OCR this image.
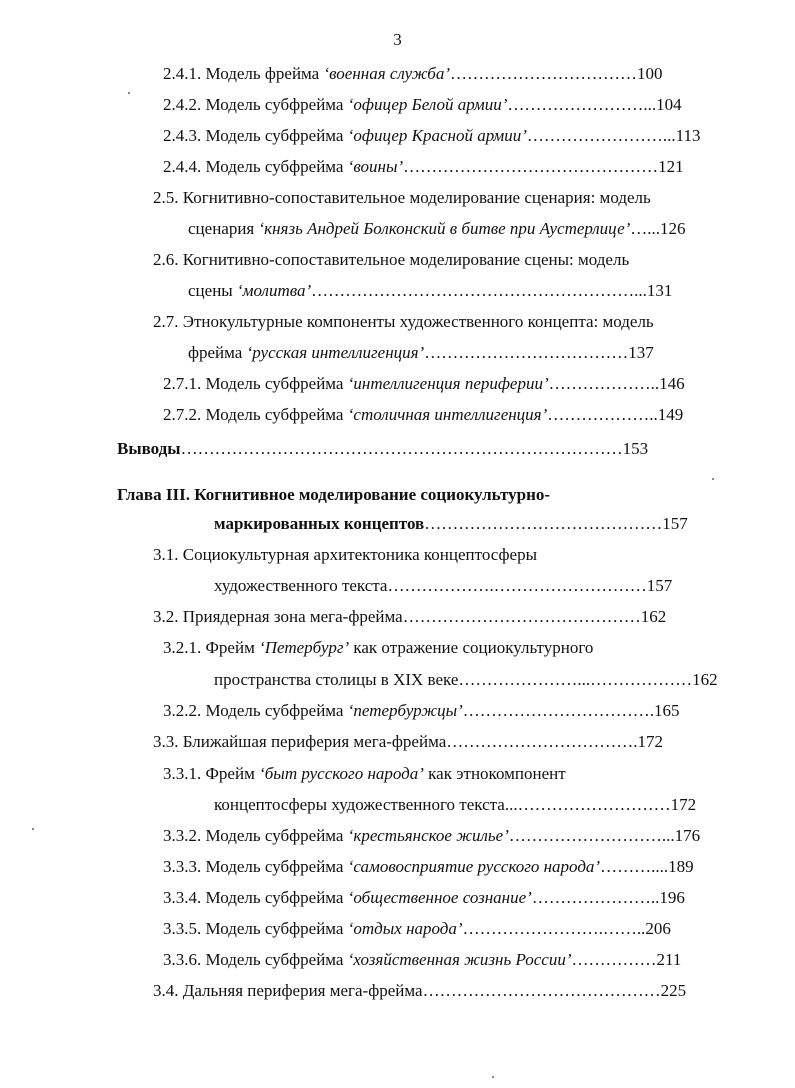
3
2.4.1. Модель фрейма ‘военная служба’……………………………100
2.4.2. Модель субфрейма ‘офицер Белой армии’……………………...104
2.4.3. Модель субфрейма ‘офицер Красной армии’……………………...113
2.4.4. Модель субфрейма ‘воины’………………………………………121
2.5. Когнитивно-сопоставительное моделирование сценария: модель
сценария ‘князь Андрей Болконский в битве при Аустерлице’…...126
2.6. Когнитивно-сопоставительное моделирование сцены: модель
сцены ‘молитва’…………………………………………………...131
2.7. Этнокультурные компоненты художественного концепта: модель
фрейма ‘русская интеллигенция’………………………………137
2.7.1. Модель субфрейма ‘интеллигенция периферии’………………..146
2.7.2. Модель субфрейма ‘столичная интеллигенция’………………..149
Выводы……………………………………………………………………153
Глава III. Когнитивное моделирование социокультурно-
маркированных концептов……………………………………157
3.1. Социокультурная архитектоника концептосферы
художественного текста……………….………………………157
3.2. Приядерная зона мега-фрейма……………………………………162
3.2.1. Фрейм ‘Петербург’ как отражение социокультурного
пространства столицы в XIX веке…………………...………………162
3.2.2. Модель субфрейма ‘петербуржцы’…………………………….165
3.3. Ближайшая периферия мега-фрейма…………………………….172
3.3.1. Фрейм ‘быт русского народа’ как этнокомпонент
концептосферы художественного текста...………………………172
3.3.2. Модель субфрейма ‘крестьянское жилье’………………………...176
3.3.3. Модель субфрейма ‘самовосприятие русского народа’………....189
3.3.4. Модель субфрейма ‘общественное сознание’…………………..196
3.3.5. Модель субфрейма ‘отдых народа’…………………….……..206
3.3.6. Модель субфрейма ‘хозяйственная жизнь России’……………211
3.4. Дальняя периферия мега-фрейма……………………………………225
